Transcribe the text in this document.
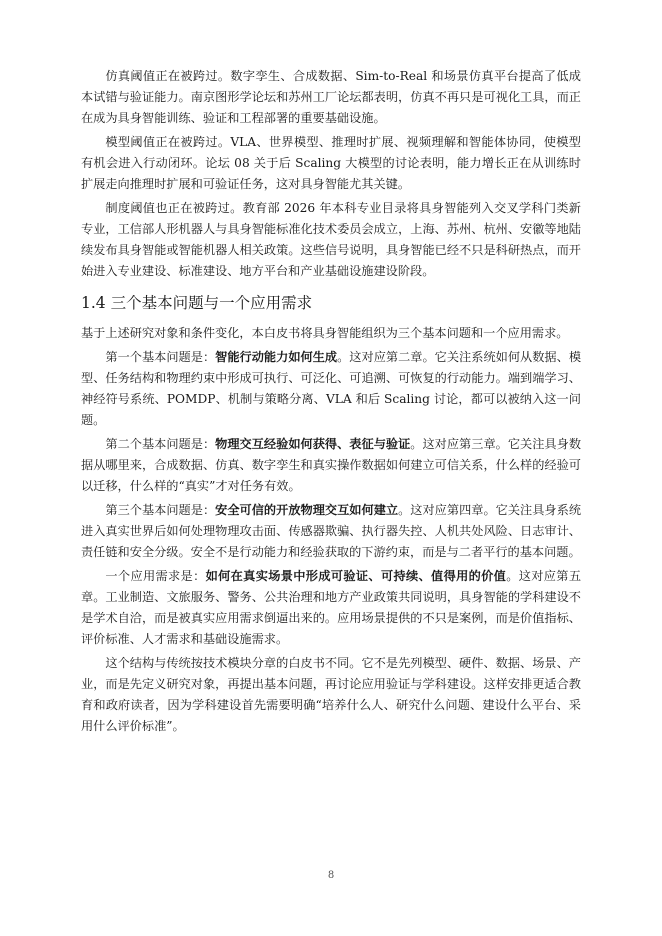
仿真阈值正在被跨过。数字孪生、合成数据、Sim-to-Real 和场景仿真平台提高了低成本试错与验证能力。南京图形学论坛和苏州工厂论坛都表明，仿真不再只是可视化工具，而正在成为具身智能训练、验证和工程部署的重要基础设施。

模型阈值正在被跨过。VLA、世界模型、推理时扩展、视频理解和智能体协同，使模型有机会进入行动闭环。论坛 08 关于后 Scaling 大模型的讨论表明，能力增长正在从训练时扩展走向推理时扩展和可验证任务，这对具身智能尤其关键。

制度阈值也正在被跨过。教育部 2026 年本科专业目录将具身智能列入交叉学科门类新专业，工信部人形机器人与具身智能标准化技术委员会成立，上海、苏州、杭州、安徽等地陆续发布具身智能或智能机器人相关政策。这些信号说明，具身智能已经不只是科研热点，而开始进入专业建设、标准建设、地方平台和产业基础设施建设阶段。

1.4 三个基本问题与一个应用需求

基于上述研究对象和条件变化，本白皮书将具身智能组织为三个基本问题和一个应用需求。

第一个基本问题是：智能行动能力如何生成。这对应第二章。它关注系统如何从数据、模型、任务结构和物理约束中形成可执行、可泛化、可追溯、可恢复的行动能力。端到端学习、神经符号系统、POMDP、机制与策略分离、VLA 和后 Scaling 讨论，都可以被纳入这一问题。

第二个基本问题是：物理交互经验如何获得、表征与验证。这对应第三章。它关注具身数据从哪里来，合成数据、仿真、数字孪生和真实操作数据如何建立可信关系，什么样的经验可以迁移，什么样的“真实”才对任务有效。

第三个基本问题是：安全可信的开放物理交互如何建立。这对应第四章。它关注具身系统进入真实世界后如何处理物理攻击面、传感器欺骗、执行器失控、人机共处风险、日志审计、责任链和安全分级。安全不是行动能力和经验获取的下游约束，而是与二者平行的基本问题。

一个应用需求是：如何在真实场景中形成可验证、可持续、值得用的价值。这对应第五章。工业制造、文旅服务、警务、公共治理和地方产业政策共同说明，具身智能的学科建设不是学术自洽，而是被真实应用需求倒逼出来的。应用场景提供的不只是案例，而是价值指标、评价标准、人才需求和基础设施需求。

这个结构与传统按技术模块分章的白皮书不同。它不是先列模型、硬件、数据、场景、产业，而是先定义研究对象，再提出基本问题，再讨论应用验证与学科建设。这样安排更适合教育和政府读者，因为学科建设首先需要明确“培养什么人、研究什么问题、建设什么平台、采用什么评价标准”。

8
